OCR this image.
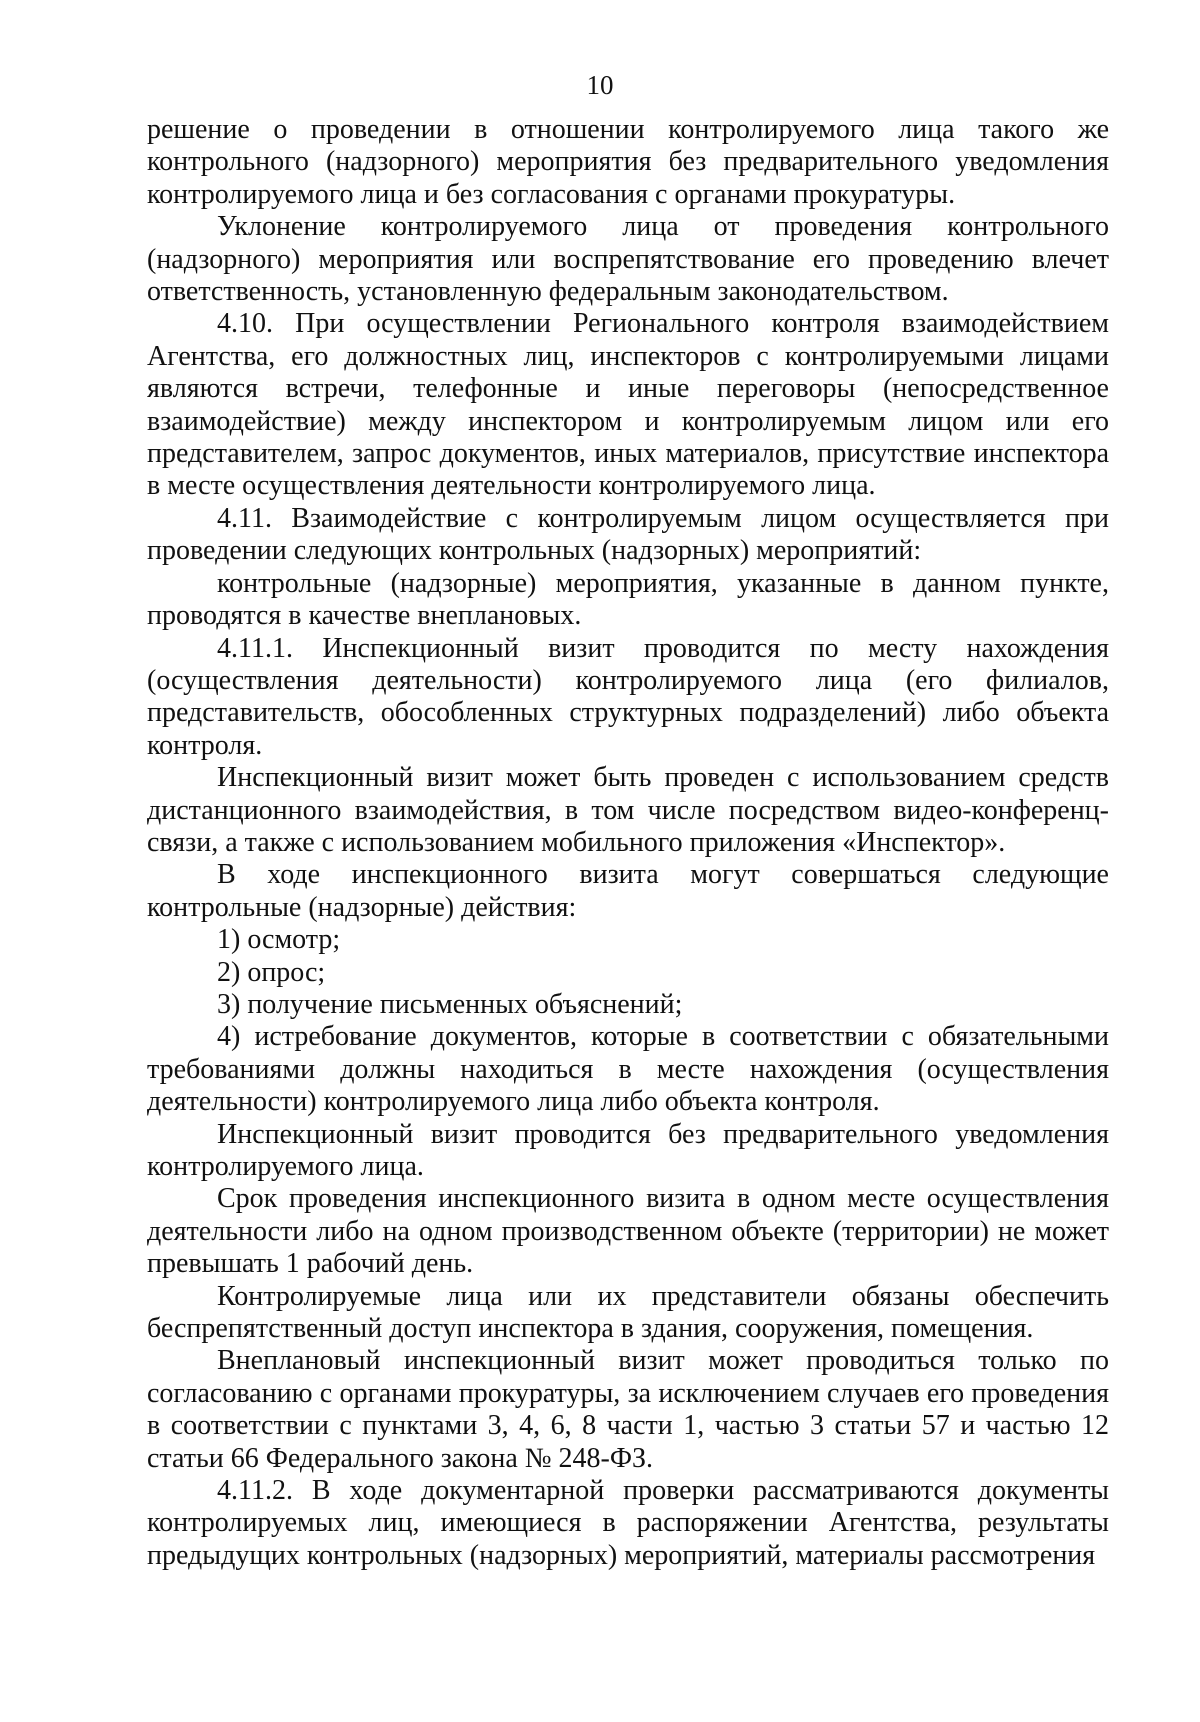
10

решение о проведении в отношении контролируемого лица такого же контрольного (надзорного) мероприятия без предварительного уведомления контролируемого лица и без согласования с органами прокуратуры.

Уклонение контролируемого лица от проведения контрольного (надзорного) мероприятия или воспрепятствование его проведению влечет ответственность, установленную федеральным законодательством.

4.10. При осуществлении Регионального контроля взаимодействием Агентства, его должностных лиц, инспекторов с контролируемыми лицами являются встречи, телефонные и иные переговоры (непосредственное взаимодействие) между инспектором и контролируемым лицом или его представителем, запрос документов, иных материалов, присутствие инспектора в месте осуществления деятельности контролируемого лица.

4.11. Взаимодействие с контролируемым лицом осуществляется при проведении следующих контрольных (надзорных) мероприятий:

контрольные (надзорные) мероприятия, указанные в данном пункте, проводятся в качестве внеплановых.

4.11.1. Инспекционный визит проводится по месту нахождения (осуществления деятельности) контролируемого лица (его филиалов, представительств, обособленных структурных подразделений) либо объекта контроля.

Инспекционный визит может быть проведен с использованием средств дистанционного взаимодействия, в том числе посредством видео-конференц-связи, а также с использованием мобильного приложения «Инспектор».

В ходе инспекционного визита могут совершаться следующие контрольные (надзорные) действия:

1) осмотр;

2) опрос;

3) получение письменных объяснений;

4) истребование документов, которые в соответствии с обязательными требованиями должны находиться в месте нахождения (осуществления деятельности) контролируемого лица либо объекта контроля.

Инспекционный визит проводится без предварительного уведомления контролируемого лица.

Срок проведения инспекционного визита в одном месте осуществления деятельности либо на одном производственном объекте (территории) не может превышать 1 рабочий день.

Контролируемые лица или их представители обязаны обеспечить беспрепятственный доступ инспектора в здания, сооружения, помещения.

Внеплановый инспекционный визит может проводиться только по согласованию с органами прокуратуры, за исключением случаев его проведения в соответствии с пунктами 3, 4, 6, 8 части 1, частью 3 статьи 57 и частью 12 статьи 66 Федерального закона № 248-ФЗ.

4.11.2. В ходе документарной проверки рассматриваются документы контролируемых лиц, имеющиеся в распоряжении Агентства, результаты предыдущих контрольных (надзорных) мероприятий, материалы рассмотрения
